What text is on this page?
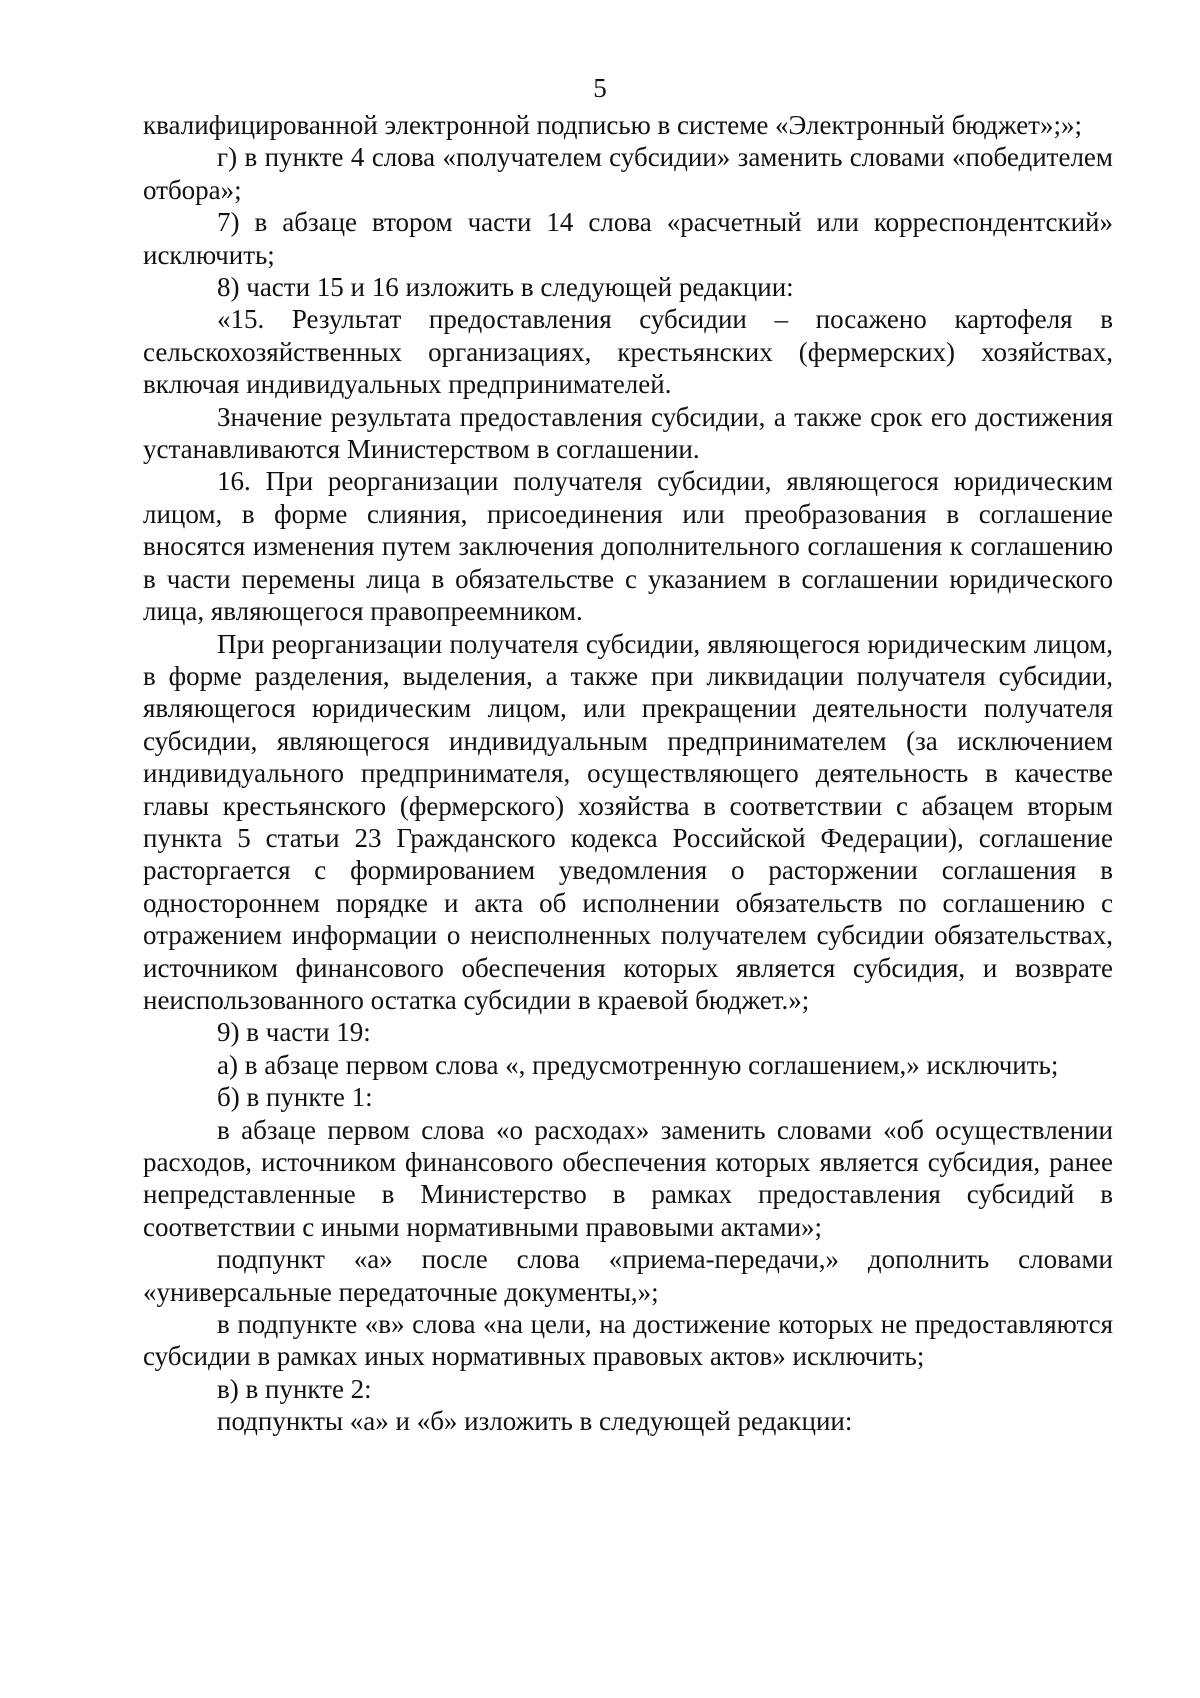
5

квалифицированной электронной подписью в системе «Электронный бюджет»;»;

г) в пункте 4 слова «получателем субсидии» заменить словами «победителем отбора»;

7) в абзаце втором части 14 слова «расчетный или корреспондентский» исключить;

8) части 15 и 16 изложить в следующей редакции:

«15. Результат предоставления субсидии – посажено картофеля в сельскохозяйственных организациях, крестьянских (фермерских) хозяйствах, включая индивидуальных предпринимателей.

Значение результата предоставления субсидии, а также срок его достижения устанавливаются Министерством в соглашении.

16. При реорганизации получателя субсидии, являющегося юридическим лицом, в форме слияния, присоединения или преобразования в соглашение вносятся изменения путем заключения дополнительного соглашения к соглашению в части перемены лица в обязательстве с указанием в соглашении юридического лица, являющегося правопреемником.

При реорганизации получателя субсидии, являющегося юридическим лицом, в форме разделения, выделения, а также при ликвидации получателя субсидии, являющегося юридическим лицом, или прекращении деятельности получателя субсидии, являющегося индивидуальным предпринимателем (за исключением индивидуального предпринимателя, осуществляющего деятельность в качестве главы крестьянского (фермерского) хозяйства в соответствии с абзацем вторым пункта 5 статьи 23 Гражданского кодекса Российской Федерации), соглашение расторгается с формированием уведомления о расторжении соглашения в одностороннем порядке и акта об исполнении обязательств по соглашению с отражением информации о неисполненных получателем субсидии обязательствах, источником финансового обеспечения которых является субсидия, и возврате неиспользованного остатка субсидии в краевой бюджет.»;

9) в части 19:

а) в абзаце первом слова «, предусмотренную соглашением,» исключить;

б) в пункте 1:

в абзаце первом слова «о расходах» заменить словами «об осуществлении расходов, источником финансового обеспечения которых является субсидия, ранее непредставленные в Министерство в рамках предоставления субсидий в соответствии с иными нормативными правовыми актами»;

подпункт «а» после слова «приема-передачи,» дополнить словами «универсальные передаточные документы,»;

в подпункте «в» слова «на цели, на достижение которых не предоставляются субсидии в рамках иных нормативных правовых актов» исключить;

в) в пункте 2:

подпункты «а» и «б» изложить в следующей редакции:
